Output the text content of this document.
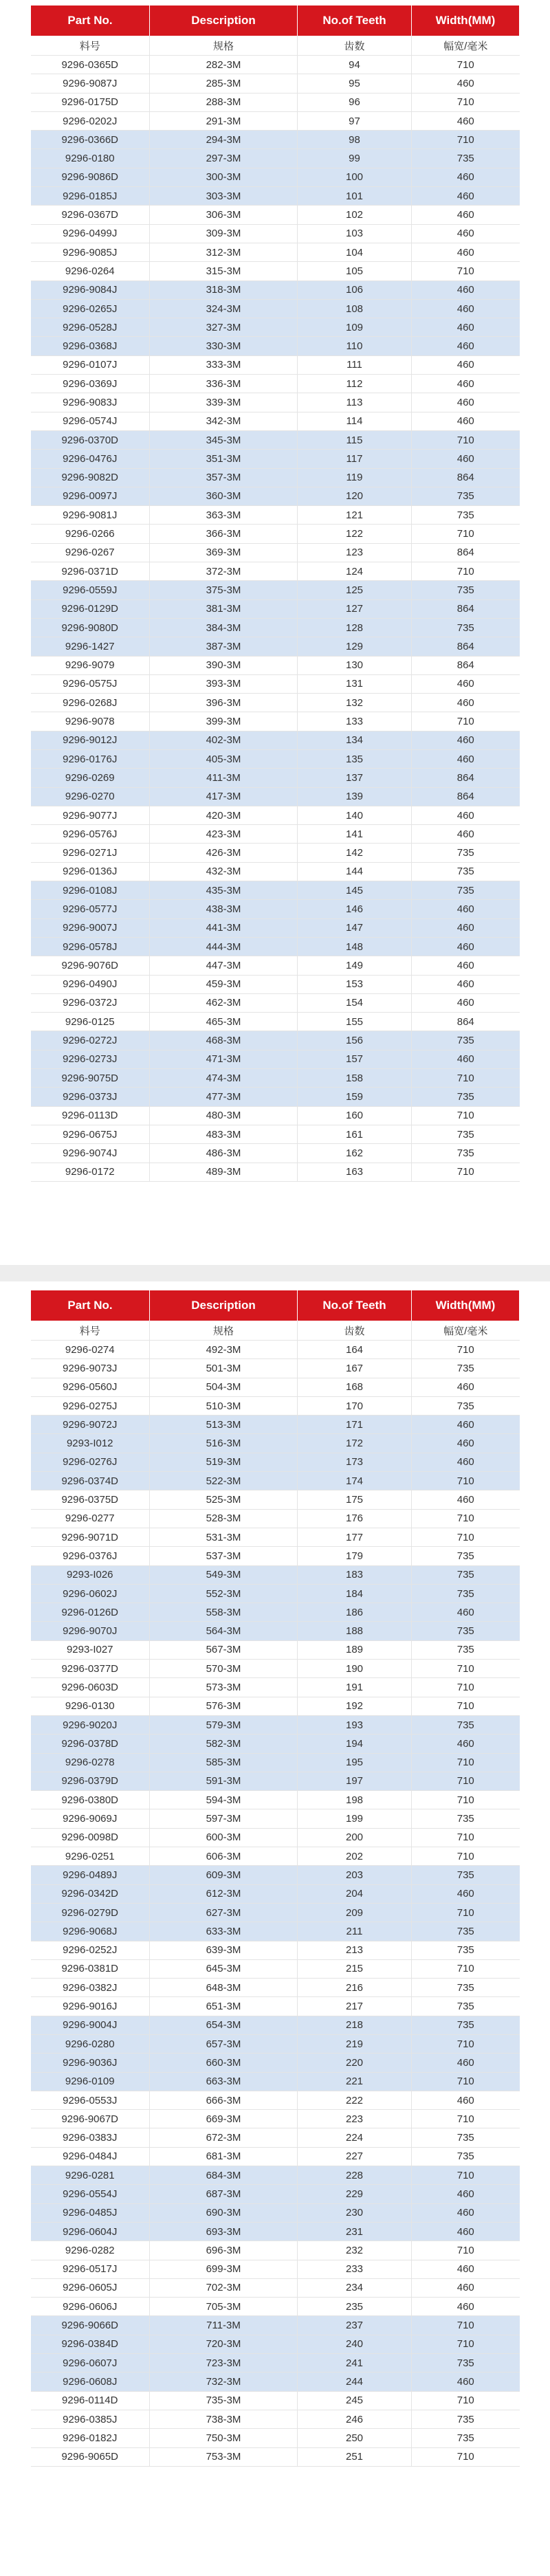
Part No.	Description	No.of Teeth	Width(MM)
料号	规格	齿数	幅宽/毫米
9296-0365D	282-3M	94	710
9296-9087J	285-3M	95	460
9296-0175D	288-3M	96	710
9296-0202J	291-3M	97	460
9296-0366D	294-3M	98	710
9296-0180	297-3M	99	735
9296-9086D	300-3M	100	460
9296-0185J	303-3M	101	460
9296-0367D	306-3M	102	460
9296-0499J	309-3M	103	460
9296-9085J	312-3M	104	460
9296-0264	315-3M	105	710
9296-9084J	318-3M	106	460
9296-0265J	324-3M	108	460
9296-0528J	327-3M	109	460
9296-0368J	330-3M	110	460
9296-0107J	333-3M	111	460
9296-0369J	336-3M	112	460
9296-9083J	339-3M	113	460
9296-0574J	342-3M	114	460
9296-0370D	345-3M	115	710
9296-0476J	351-3M	117	460
9296-9082D	357-3M	119	864
9296-0097J	360-3M	120	735
9296-9081J	363-3M	121	735
9296-0266	366-3M	122	710
9296-0267	369-3M	123	864
9296-0371D	372-3M	124	710
9296-0559J	375-3M	125	735
9296-0129D	381-3M	127	864
9296-9080D	384-3M	128	735
9296-1427	387-3M	129	864
9296-9079	390-3M	130	864
9296-0575J	393-3M	131	460
9296-0268J	396-3M	132	460
9296-9078	399-3M	133	710
9296-9012J	402-3M	134	460
9296-0176J	405-3M	135	460
9296-0269	411-3M	137	864
9296-0270	417-3M	139	864
9296-9077J	420-3M	140	460
9296-0576J	423-3M	141	460
9296-0271J	426-3M	142	735
9296-0136J	432-3M	144	735
9296-0108J	435-3M	145	735
9296-0577J	438-3M	146	460
9296-9007J	441-3M	147	460
9296-0578J	444-3M	148	460
9296-9076D	447-3M	149	460
9296-0490J	459-3M	153	460
9296-0372J	462-3M	154	460
9296-0125	465-3M	155	864
9296-0272J	468-3M	156	735
9296-0273J	471-3M	157	460
9296-9075D	474-3M	158	710
9296-0373J	477-3M	159	735
9296-0113D	480-3M	160	710
9296-0675J	483-3M	161	735
9296-9074J	486-3M	162	735
9296-0172	489-3M	163	710
Part No.	Description	No.of Teeth	Width(MM)
料号	规格	齿数	幅宽/毫米
9296-0274	492-3M	164	710
9296-9073J	501-3M	167	735
9296-0560J	504-3M	168	460
9296-0275J	510-3M	170	735
9296-9072J	513-3M	171	460
9293-I012	516-3M	172	460
9296-0276J	519-3M	173	460
9296-0374D	522-3M	174	710
9296-0375D	525-3M	175	460
9296-0277	528-3M	176	710
9296-9071D	531-3M	177	710
9296-0376J	537-3M	179	735
9293-I026	549-3M	183	735
9296-0602J	552-3M	184	735
9296-0126D	558-3M	186	460
9296-9070J	564-3M	188	735
9293-I027	567-3M	189	735
9296-0377D	570-3M	190	710
9296-0603D	573-3M	191	710
9296-0130	576-3M	192	710
9296-9020J	579-3M	193	735
9296-0378D	582-3M	194	460
9296-0278	585-3M	195	710
9296-0379D	591-3M	197	710
9296-0380D	594-3M	198	710
9296-9069J	597-3M	199	735
9296-0098D	600-3M	200	710
9296-0251	606-3M	202	710
9296-0489J	609-3M	203	735
9296-0342D	612-3M	204	460
9296-0279D	627-3M	209	710
9296-9068J	633-3M	211	735
9296-0252J	639-3M	213	735
9296-0381D	645-3M	215	710
9296-0382J	648-3M	216	735
9296-9016J	651-3M	217	735
9296-9004J	654-3M	218	735
9296-0280	657-3M	219	710
9296-9036J	660-3M	220	460
9296-0109	663-3M	221	710
9296-0553J	666-3M	222	460
9296-9067D	669-3M	223	710
9296-0383J	672-3M	224	735
9296-0484J	681-3M	227	735
9296-0281	684-3M	228	710
9296-0554J	687-3M	229	460
9296-0485J	690-3M	230	460
9296-0604J	693-3M	231	460
9296-0282	696-3M	232	710
9296-0517J	699-3M	233	460
9296-0605J	702-3M	234	460
9296-0606J	705-3M	235	460
9296-9066D	711-3M	237	710
9296-0384D	720-3M	240	710
9296-0607J	723-3M	241	735
9296-0608J	732-3M	244	460
9296-0114D	735-3M	245	710
9296-0385J	738-3M	246	735
9296-0182J	750-3M	250	735
9296-9065D	753-3M	251	710
